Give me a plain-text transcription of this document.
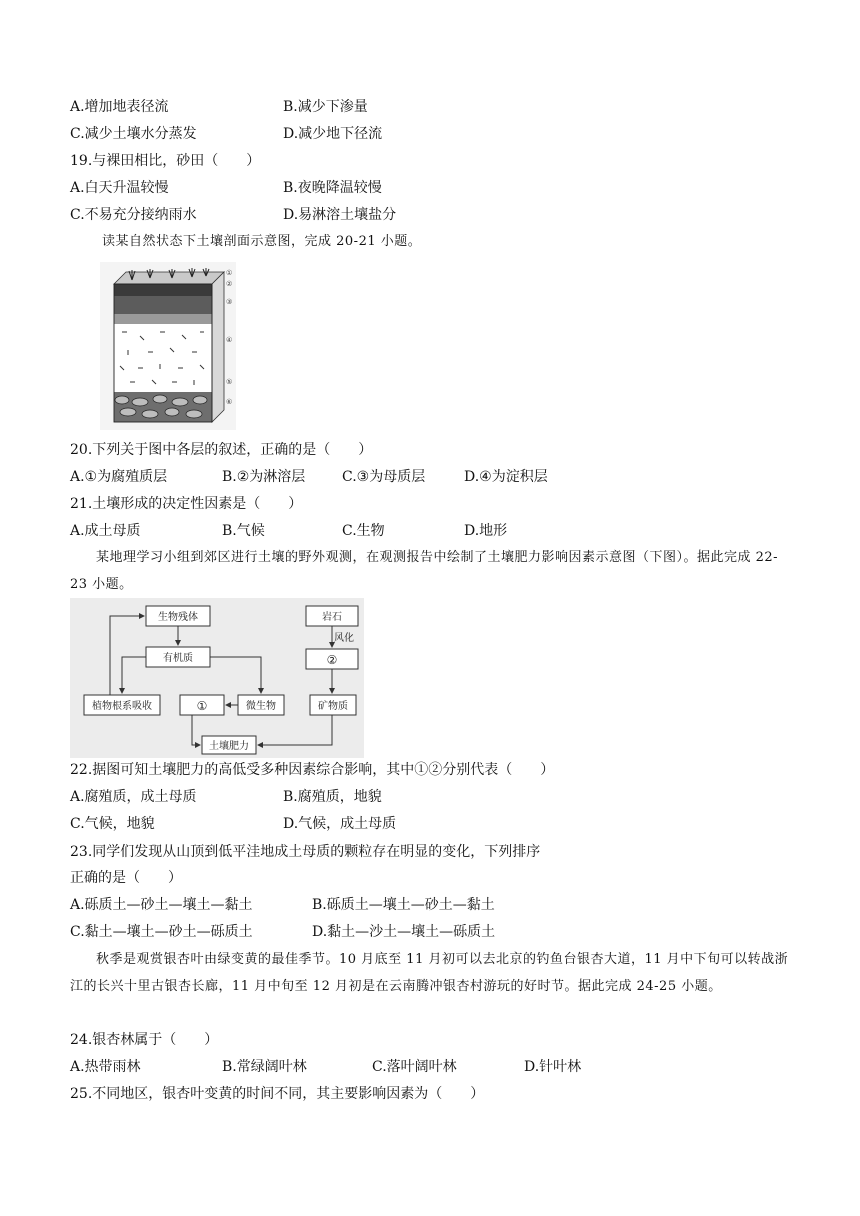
A.增加地表径流	B.减少下渗量
C.减少土壤水分蒸发	D.减少地下径流
19.与裸田相比，砂田（　　）
A.白天升温较慢	B.夜晚降温较慢
C.不易充分接纳雨水	D.易淋溶土壤盐分
读某自然状态下土壤剖面示意图，完成 20-21 小题。
①
②
③
④
⑤
⑥
20.下列关于图中各层的叙述，正确的是（　　）
A.①为腐殖质层	B.②为淋溶层	C.③为母质层	D.④为淀积层
21.土壤形成的决定性因素是（　　）
A.成土母质	B.气候	C.生物	D.地形
某地理学习小组到郊区进行土壤的野外观测，在观测报告中绘制了土壤肥力影响因素示意图（下图）。据此完成 22-23 小题。
生物残体
有机质
植物根系吸收	①	微生物
岩石
风化
②
矿物质
土壤肥力
22.据图可知土壤肥力的高低受多种因素综合影响，其中①②分别代表（　　）
A.腐殖质，成土母质	B.腐殖质，地貌
C.气候，地貌	D.气候，成土母质
23.同学们发现从山顶到低平洼地成土母质的颗粒存在明显的变化，下列排序
正确的是（　　）
A.砾质土—砂土—壤土—黏土	B.砾质土—壤土—砂土—黏土
C.黏土—壤土—砂土—砾质土	D.黏土—沙土—壤土—砾质土
秋季是观赏银杏叶由绿变黄的最佳季节。10 月底至 11 月初可以去北京的钓鱼台银杏大道，11 月中下旬可以转战浙江的长兴十里古银杏长廊，11 月中旬至 12 月初是在云南腾冲银杏村游玩的好时节。据此完成 24-25 小题。
24.银杏林属于（　　）
A.热带雨林	B.常绿阔叶林	C.落叶阔叶林	D.针叶林
25.不同地区，银杏叶变黄的时间不同，其主要影响因素为（　　）
